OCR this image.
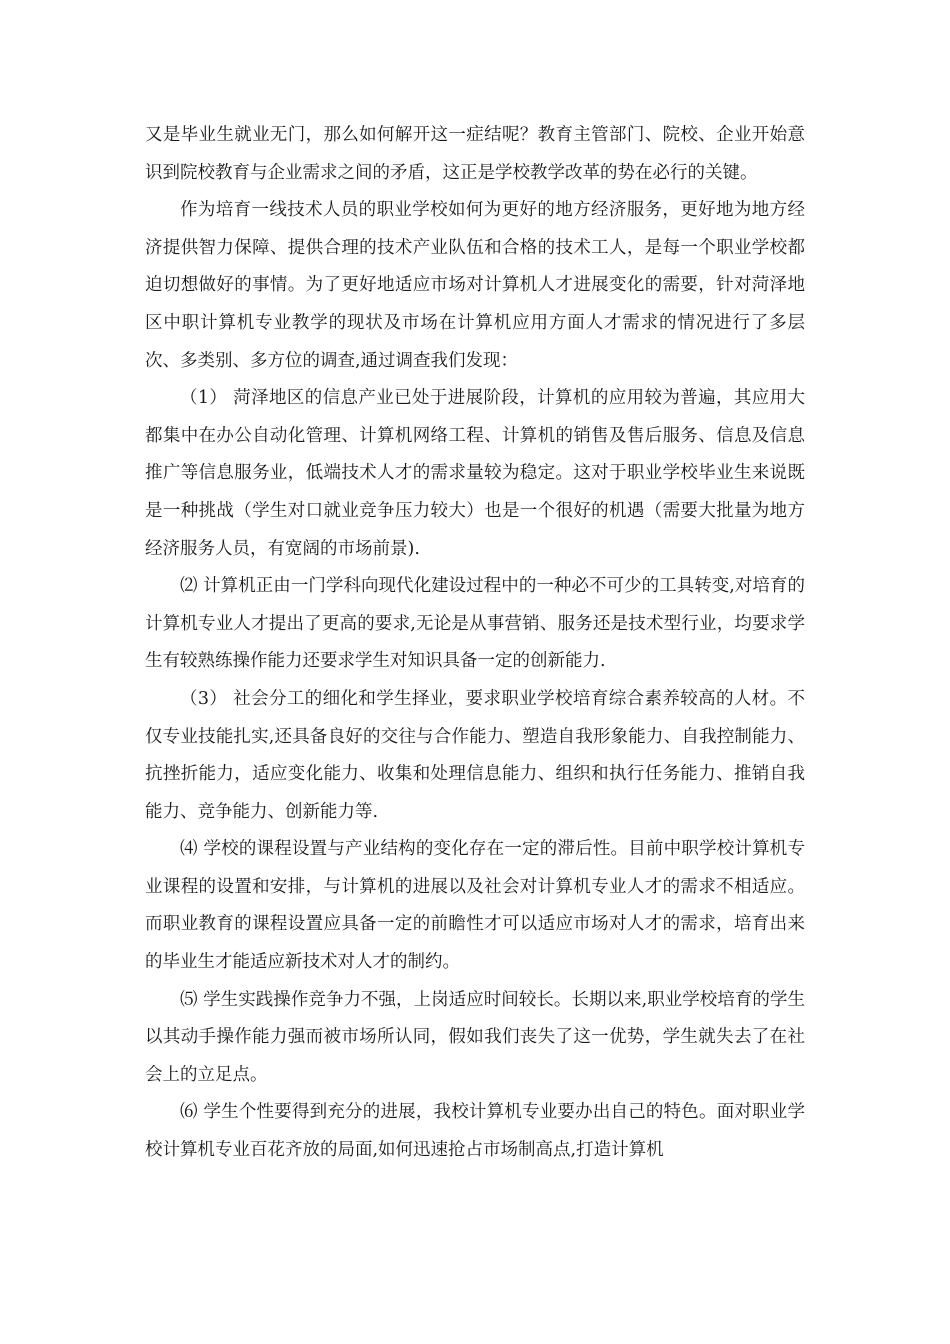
又是毕业生就业无门，那么如何解开这一症结呢？教育主管部门、院校、企业开始意识到院校教育与企业需求之间的矛盾，这正是学校教学改革的势在必行的关键。

作为培育一线技术人员的职业学校如何为更好的地方经济服务，更好地为地方经济提供智力保障、提供合理的技术产业队伍和合格的技术工人，是每一个职业学校都迫切想做好的事情。为了更好地适应市场对计算机人才进展变化的需要，针对菏泽地区中职计算机专业教学的现状及市场在计算机应用方面人才需求的情况进行了多层次、多类别、多方位的调查,通过调查我们发现：

（1） 菏泽地区的信息产业已处于进展阶段，计算机的应用较为普遍，其应用大都集中在办公自动化管理、计算机网络工程、计算机的销售及售后服务、信息及信息推广等信息服务业，低端技术人才的需求量较为稳定。这对于职业学校毕业生来说既是一种挑战（学生对口就业竞争压力较大）也是一个很好的机遇（需要大批量为地方经济服务人员，有宽阔的市场前景).

⑵ 计算机正由一门学科向现代化建设过程中的一种必不可少的工具转变,对培育的计算机专业人才提出了更高的要求,无论是从事营销、服务还是技术型行业，均要求学生有较熟练操作能力还要求学生对知识具备一定的创新能力.

（3） 社会分工的细化和学生择业，要求职业学校培育综合素养较高的人材。不仅专业技能扎实,还具备良好的交往与合作能力、塑造自我形象能力、自我控制能力、抗挫折能力，适应变化能力、收集和处理信息能力、组织和执行任务能力、推销自我能力、竞争能力、创新能力等.

⑷ 学校的课程设置与产业结构的变化存在一定的滞后性。目前中职学校计算机专业课程的设置和安排，与计算机的进展以及社会对计算机专业人才的需求不相适应。而职业教育的课程设置应具备一定的前瞻性才可以适应市场对人才的需求，培育出来的毕业生才能适应新技术对人才的制约。

⑸ 学生实践操作竞争力不强，上岗适应时间较长。长期以来,职业学校培育的学生以其动手操作能力强而被市场所认同，假如我们丧失了这一优势，学生就失去了在社会上的立足点。

⑹ 学生个性要得到充分的进展，我校计算机专业要办出自己的特色。面对职业学校计算机专业百花齐放的局面,如何迅速抢占市场制高点,打造计算机
